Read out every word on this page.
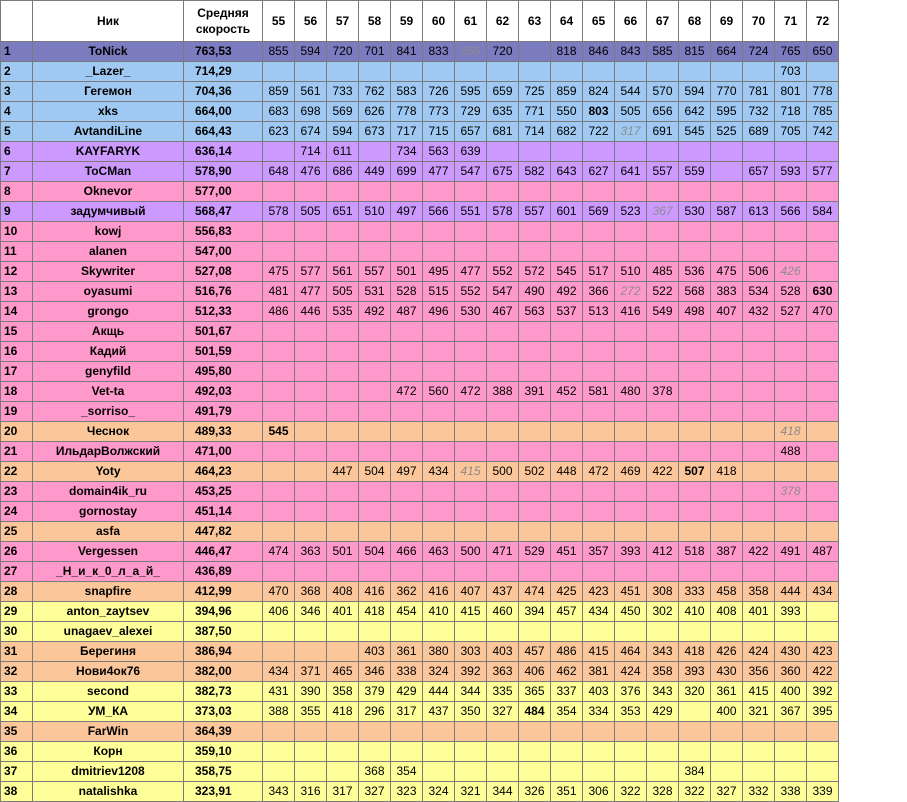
	Ник	Средняя скорость	55	56	57	58	59	60	61	62	63	64	65	66	67	68	69	70	71	72
1	ToNick	763,53	855	594	720	701	841	833	569	720		818	846	843	585	815	664	724	765	650
2	_Lazer_	714,29																	703	
3	Гегемон	704,36	859	561	733	762	583	726	595	659	725	859	824	544	570	594	770	781	801	778
4	xks	664,00	683	698	569	626	778	773	729	635	771	550	803	505	656	642	595	732	718	785
5	AvtandiLine	664,43	623	674	594	673	717	715	657	681	714	682	722	317	691	545	525	689	705	742
6	KAYFARYK	636,14		714	611		734	563	639											
7	ToCMan	578,90	648	476	686	449	699	477	547	675	582	643	627	641	557	559		657	593	577
8	Oknevor	577,00																		
9	задумчивый	568,47	578	505	651	510	497	566	551	578	557	601	569	523	367	530	587	613	566	584
10	kowj	556,83																		
11	alanen	547,00																		
12	Skywriter	527,08	475	577	561	557	501	495	477	552	572	545	517	510	485	536	475	506	426	
13	oyasumi	516,76	481	477	505	531	528	515	552	547	490	492	366	272	522	568	383	534	528	630
14	grongo	512,33	486	446	535	492	487	496	530	467	563	537	513	416	549	498	407	432	527	470
15	Акщь	501,67																		
16	Кадий	501,59																		
17	genyfild	495,80																		
18	Vet-ta	492,03					472	560	472	388	391	452	581	480	378					
19	_sorriso_	491,79																		
20	Чеснок	489,33	545																418	
21	ИльдарВолжский	471,00																	488	
22	Yoty	464,23			447	504	497	434	415	500	502	448	472	469	422	507	418			
23	domain4ik_ru	453,25																	378	
24	gornostay	451,14																		
25	asfa	447,82																		
26	Vergessen	446,47	474	363	501	504	466	463	500	471	529	451	357	393	412	518	387	422	491	487
27	_Н_и_к_0_л_а_й_	436,89																		
28	snapfire	412,99	470	368	408	416	362	416	407	437	474	425	423	451	308	333	458	358	444	434
29	anton_zaytsev	394,96	406	346	401	418	454	410	415	460	394	457	434	450	302	410	408	401	393	
30	unagaev_alexei	387,50																		
31	Берегиня	386,94				403	361	380	303	403	457	486	415	464	343	418	426	424	430	423
32	Нови4ок76	382,00	434	371	465	346	338	324	392	363	406	462	381	424	358	393	430	356	360	422
33	second	382,73	431	390	358	379	429	444	344	335	365	337	403	376	343	320	361	415	400	392
34	УМ_КА	373,03	388	355	418	296	317	437	350	327	484	354	334	353	429		400	321	367	395
35	FarWin	364,39																		
36	Корн	359,10																		
37	dmitriev1208	358,75				368	354									384				
38	natalishka	323,91	343	316	317	327	323	324	321	344	326	351	306	322	328	322	327	332	338	339
